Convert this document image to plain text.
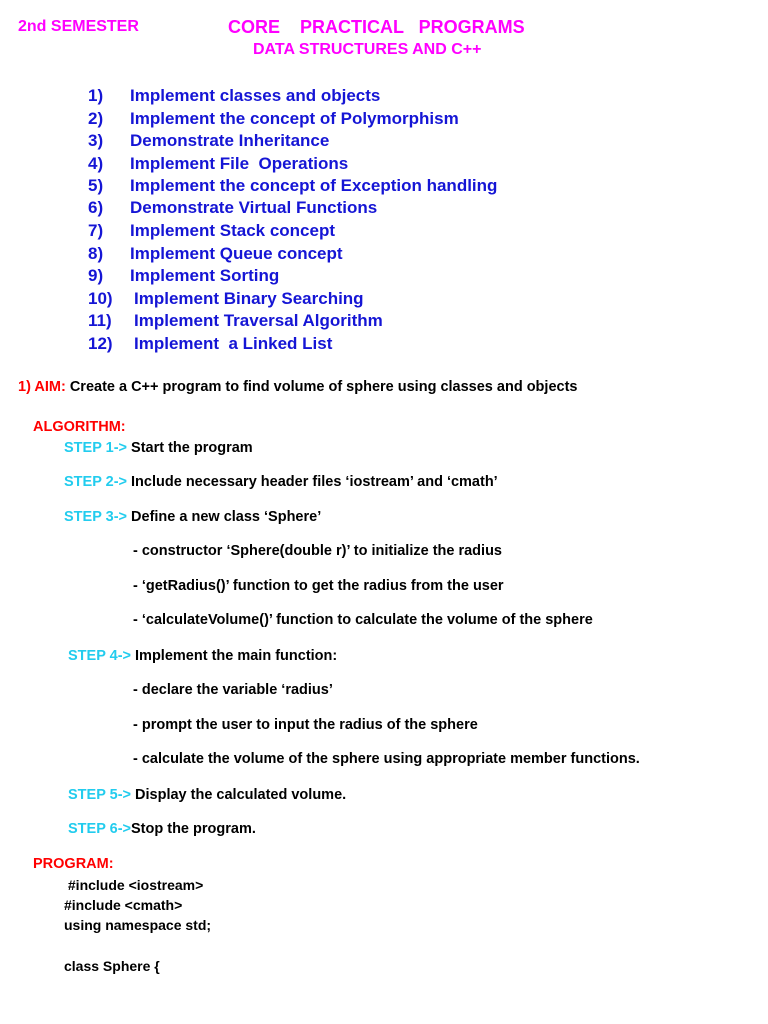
2nd SEMESTER	CORE    PRACTICAL   PROGRAMS
DATA STRUCTURES AND C++
1) Implement classes and objects
2) Implement the concept of Polymorphism
3) Demonstrate Inheritance
4) Implement File  Operations
5) Implement the concept of Exception handling
6) Demonstrate Virtual Functions
7) Implement Stack concept
8) Implement Queue concept
9) Implement Sorting
10) Implement Binary Searching
11) Implement Traversal Algorithm
12) Implement  a Linked List
1) AIM: Create a C++ program to find volume of sphere using classes and objects
ALGORITHM:
STEP 1-> Start the program
STEP 2-> Include necessary header files ‘iostream’ and ‘cmath’
STEP 3-> Define a new class ‘Sphere’
- constructor ‘Sphere(double r)’ to initialize the radius
- ‘getRadius()’ function to get the radius from the user
- ‘calculateVolume()’ function to calculate the volume of the sphere
STEP 4-> Implement the main function:
- declare the variable ‘radius’
- prompt the user to input the radius of the sphere
- calculate the volume of the sphere using appropriate member functions.
STEP 5-> Display the calculated volume.
STEP 6->Stop the program.
PROGRAM:
#include <iostream>
#include <cmath>
using namespace std;
class Sphere {
